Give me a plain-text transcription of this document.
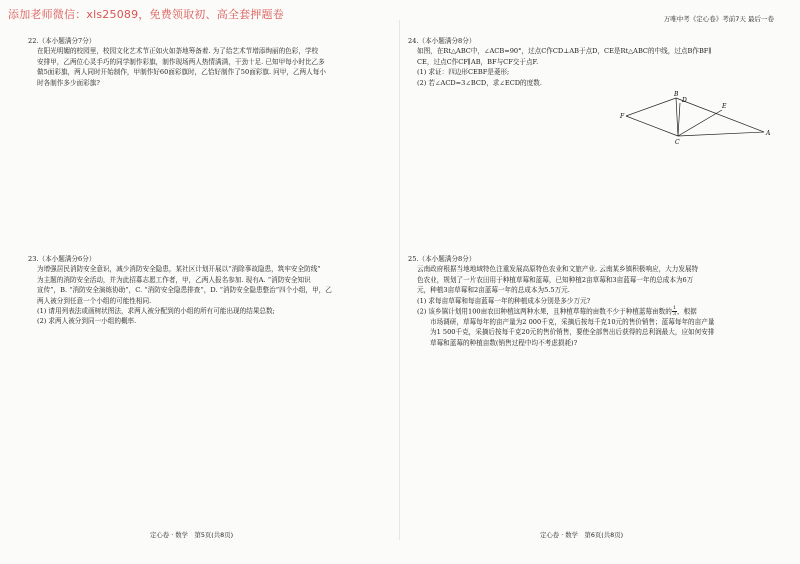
添加老师微信：xls25089，免费领取初、高全套押题卷	万唯中考《定心卷》考前7天 最后一卷
22.（本小题满分7分）
在阳光明媚的校园里，校园文化艺术节正如火如荼地筹备着. 为了给艺术节增添绚丽的色彩，学校
安排甲，乙两位心灵手巧的同学制作彩旗，制作现场两人热情满满，干劲十足. 已知甲每小时比乙多
做5面彩旗，两人同时开始制作，甲制作好60面彩旗时，乙恰好制作了50面彩旗. 问甲，乙两人每小
时各制作多少面彩旗?
23.（本小题满分6分）
为增强居民消防安全意识，减少消防安全隐患，某社区计划开展以“消除事故隐患，筑牢安全防线”
为主题的消防安全活动，并为此招募志愿工作者，甲，乙两人报名参加. 现有A. “消防安全知识
宣传”，B. “消防安全演练协助”，C. “消防安全隐患排查”，D. “消防安全隐患整治”四个小组，甲，乙
两人被分到任意一个小组的可能性相同.
(1) 请用列表法或画树状图法，求两人被分配到的小组的所有可能出现的结果总数;
(2) 求两人被分到同一小组的概率.
24.（本小题满分8分）
如图，在Rt△ABC中，∠ACB=90°，过点C作CD⊥AB于点D，CE是Rt△ABC的中线，过点B作BF∥
CE，过点C作CF∥AB，BF与CF交于点F.
(1) 求证：四边形CEBF是菱形;
(2) 若∠ACD=3∠BCD，求∠ECD的度数.
F
B
D
E
A
C
25.（本小题满分8分）
云南政府根据当地地域特色注重发展高原特色农业和文旅产业. 云南某乡镇积极响应，大力发展特
色农业，规划了一片农田用于种植草莓和蓝莓，已知种植2亩草莓和3亩蓝莓一年的总成本为6万
元，种植3亩草莓和2亩蓝莓一年的总成本为5.5万元.
(1) 求每亩草莓和每亩蓝莓一年的种植成本分别是多少万元?
(2) 该乡镇计划用100亩农田种植这两种水果，且种植草莓的亩数不少于种植蓝莓亩数的 $\frac{1}{3}$ ，根据
市场调研，草莓每年的亩产量为2 000千克，采摘后按每千克10元的售价销售；蓝莓每年的亩产量
为1 500千克，采摘后按每千克20元的售价销售，要使全部售出后获得的总利润最大，应如何安排
草莓和蓝莓的种植亩数(销售过程中均不考虑损耗)?
定心卷 · 数学　第5页(共8页)	定心卷 · 数学　第6页(共8页)
